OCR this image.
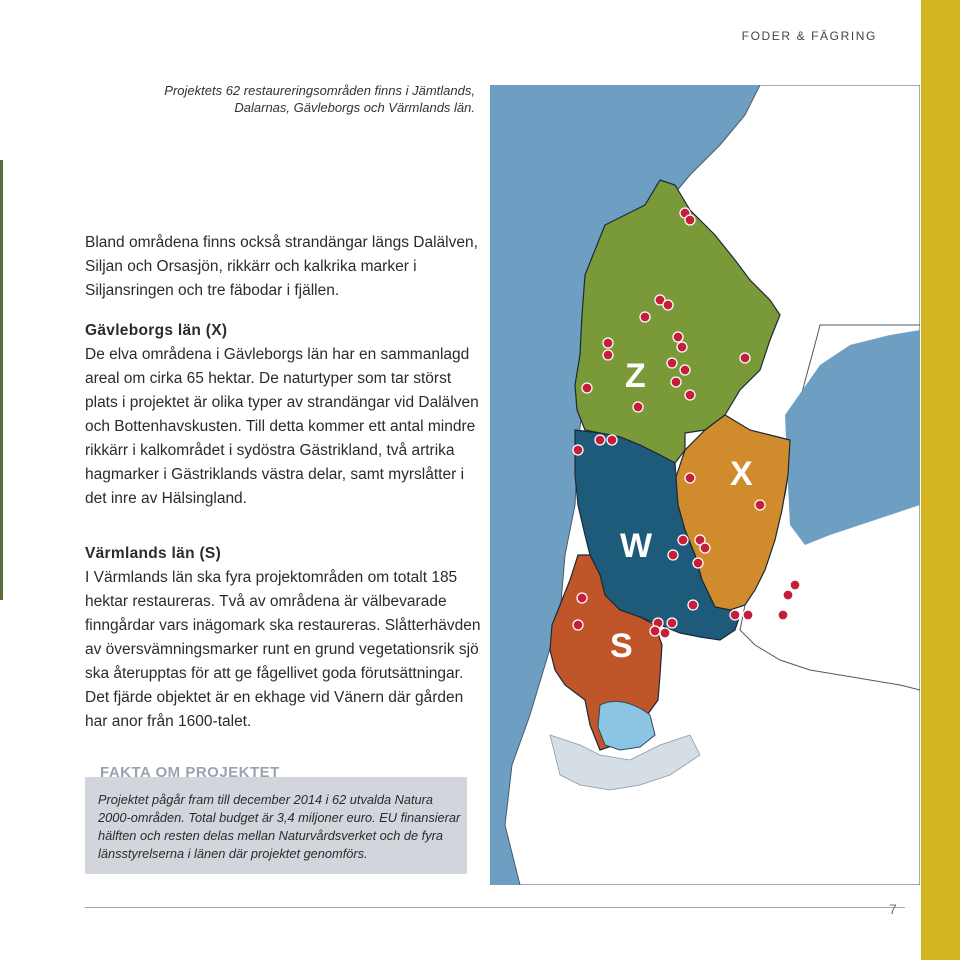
FODER & FÄGRING
Projektets 62 restaureringsområden finns i Jämtlands,
Dalarnas, Gävleborgs och Värmlands län.

Bland områdena finns också strandängar längs Dalälven, Siljan och Orsasjön, rikkärr och kalkrika marker i Siljansringen och tre fäbodar i fjällen.

Gävleborgs län (X)

De elva områdena i Gävleborgs län har en sammanlagd areal om cirka 65 hektar. De naturtyper som tar störst plats i projektet är olika typer av strandängar vid Dalälven och Bottenhavskusten. Till detta kommer ett antal mindre rikkärr i kalkområdet i sydöstra Gästrikland, två artrika hagmarker i Gästriklands västra delar, samt myrslåtter i det inre av Hälsingland.

Värmlands län (S)

I Värmlands län ska fyra projektområden om totalt 185 hektar restaureras. Två av områdena är välbevarade finngårdar vars inägomark ska restaureras. Slåtterhävden av översvämningsmarker runt en grund vegetationsrik sjö ska återupptas för att ge fågellivet goda förutsättningar. Det fjärde objektet är en ekhage vid Vänern där gården har anor från 1600-talet.

FAKTA OM PROJEKTET
Projektet pågår fram till december 2014 i 62 utvalda Natura 2000-områden. Total budget är 3,4 miljoner euro. EU finansierar hälften och resten delas mellan Naturvårdsverket och de fyra länsstyrelserna i länen där projektet genomförs.
Z
W
X
S
7
